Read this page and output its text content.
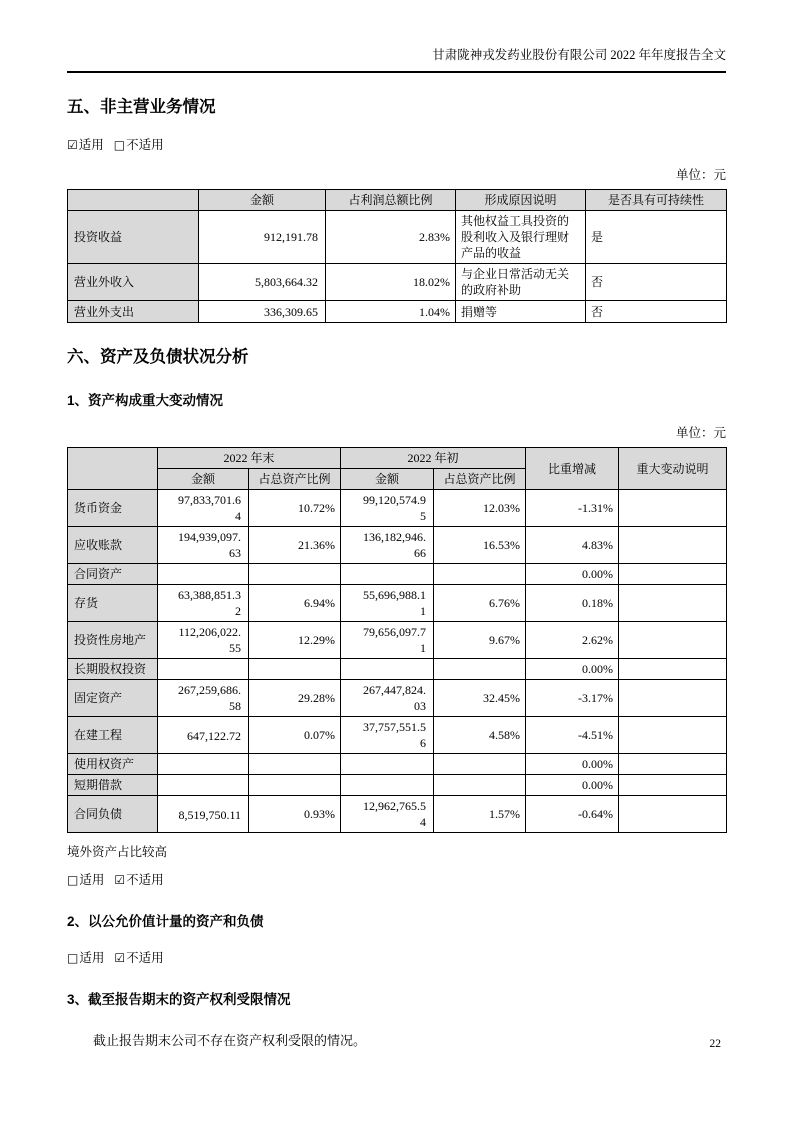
甘肃陇神戎发药业股份有限公司 2022 年年度报告全文
五、非主营业务情况
☑适用 □不适用
单位：元
	金额	占利润总额比例	形成原因说明	是否具有可持续性
投资收益	912,191.78	2.83%	其他权益工具投资的股利收入及银行理财产品的收益	是
营业外收入	5,803,664.32	18.02%	与企业日常活动无关的政府补助	否
营业外支出	336,309.65	1.04%	捐赠等	否
六、资产及负债状况分析
1、资产构成重大变动情况
单位：元
	2022 年末		2022 年初		比重增减	重大变动说明
	金额	占总资产比例	金额	占总资产比例		
货币资金	97,833,701.64	10.72%	99,120,574.95	12.03%	-1.31%	
应收账款	194,939,097.63	21.36%	136,182,946.66	16.53%	4.83%	
合同资产					0.00%	
存货	63,388,851.32	6.94%	55,696,988.11	6.76%	0.18%	
投资性房地产	112,206,022.55	12.29%	79,656,097.71	9.67%	2.62%	
长期股权投资					0.00%	
固定资产	267,259,686.58	29.28%	267,447,824.03	32.45%	-3.17%	
在建工程	647,122.72	0.07%	37,757,551.56	4.58%	-4.51%	
使用权资产					0.00%	
短期借款					0.00%	
合同负债	8,519,750.11	0.93%	12,962,765.54	1.57%	-0.64%	
境外资产占比较高
□适用 ☑不适用
2、以公允价值计量的资产和负债
□适用 ☑不适用
3、截至报告期末的资产权利受限情况
截止报告期末公司不存在资产权利受限的情况。	22
